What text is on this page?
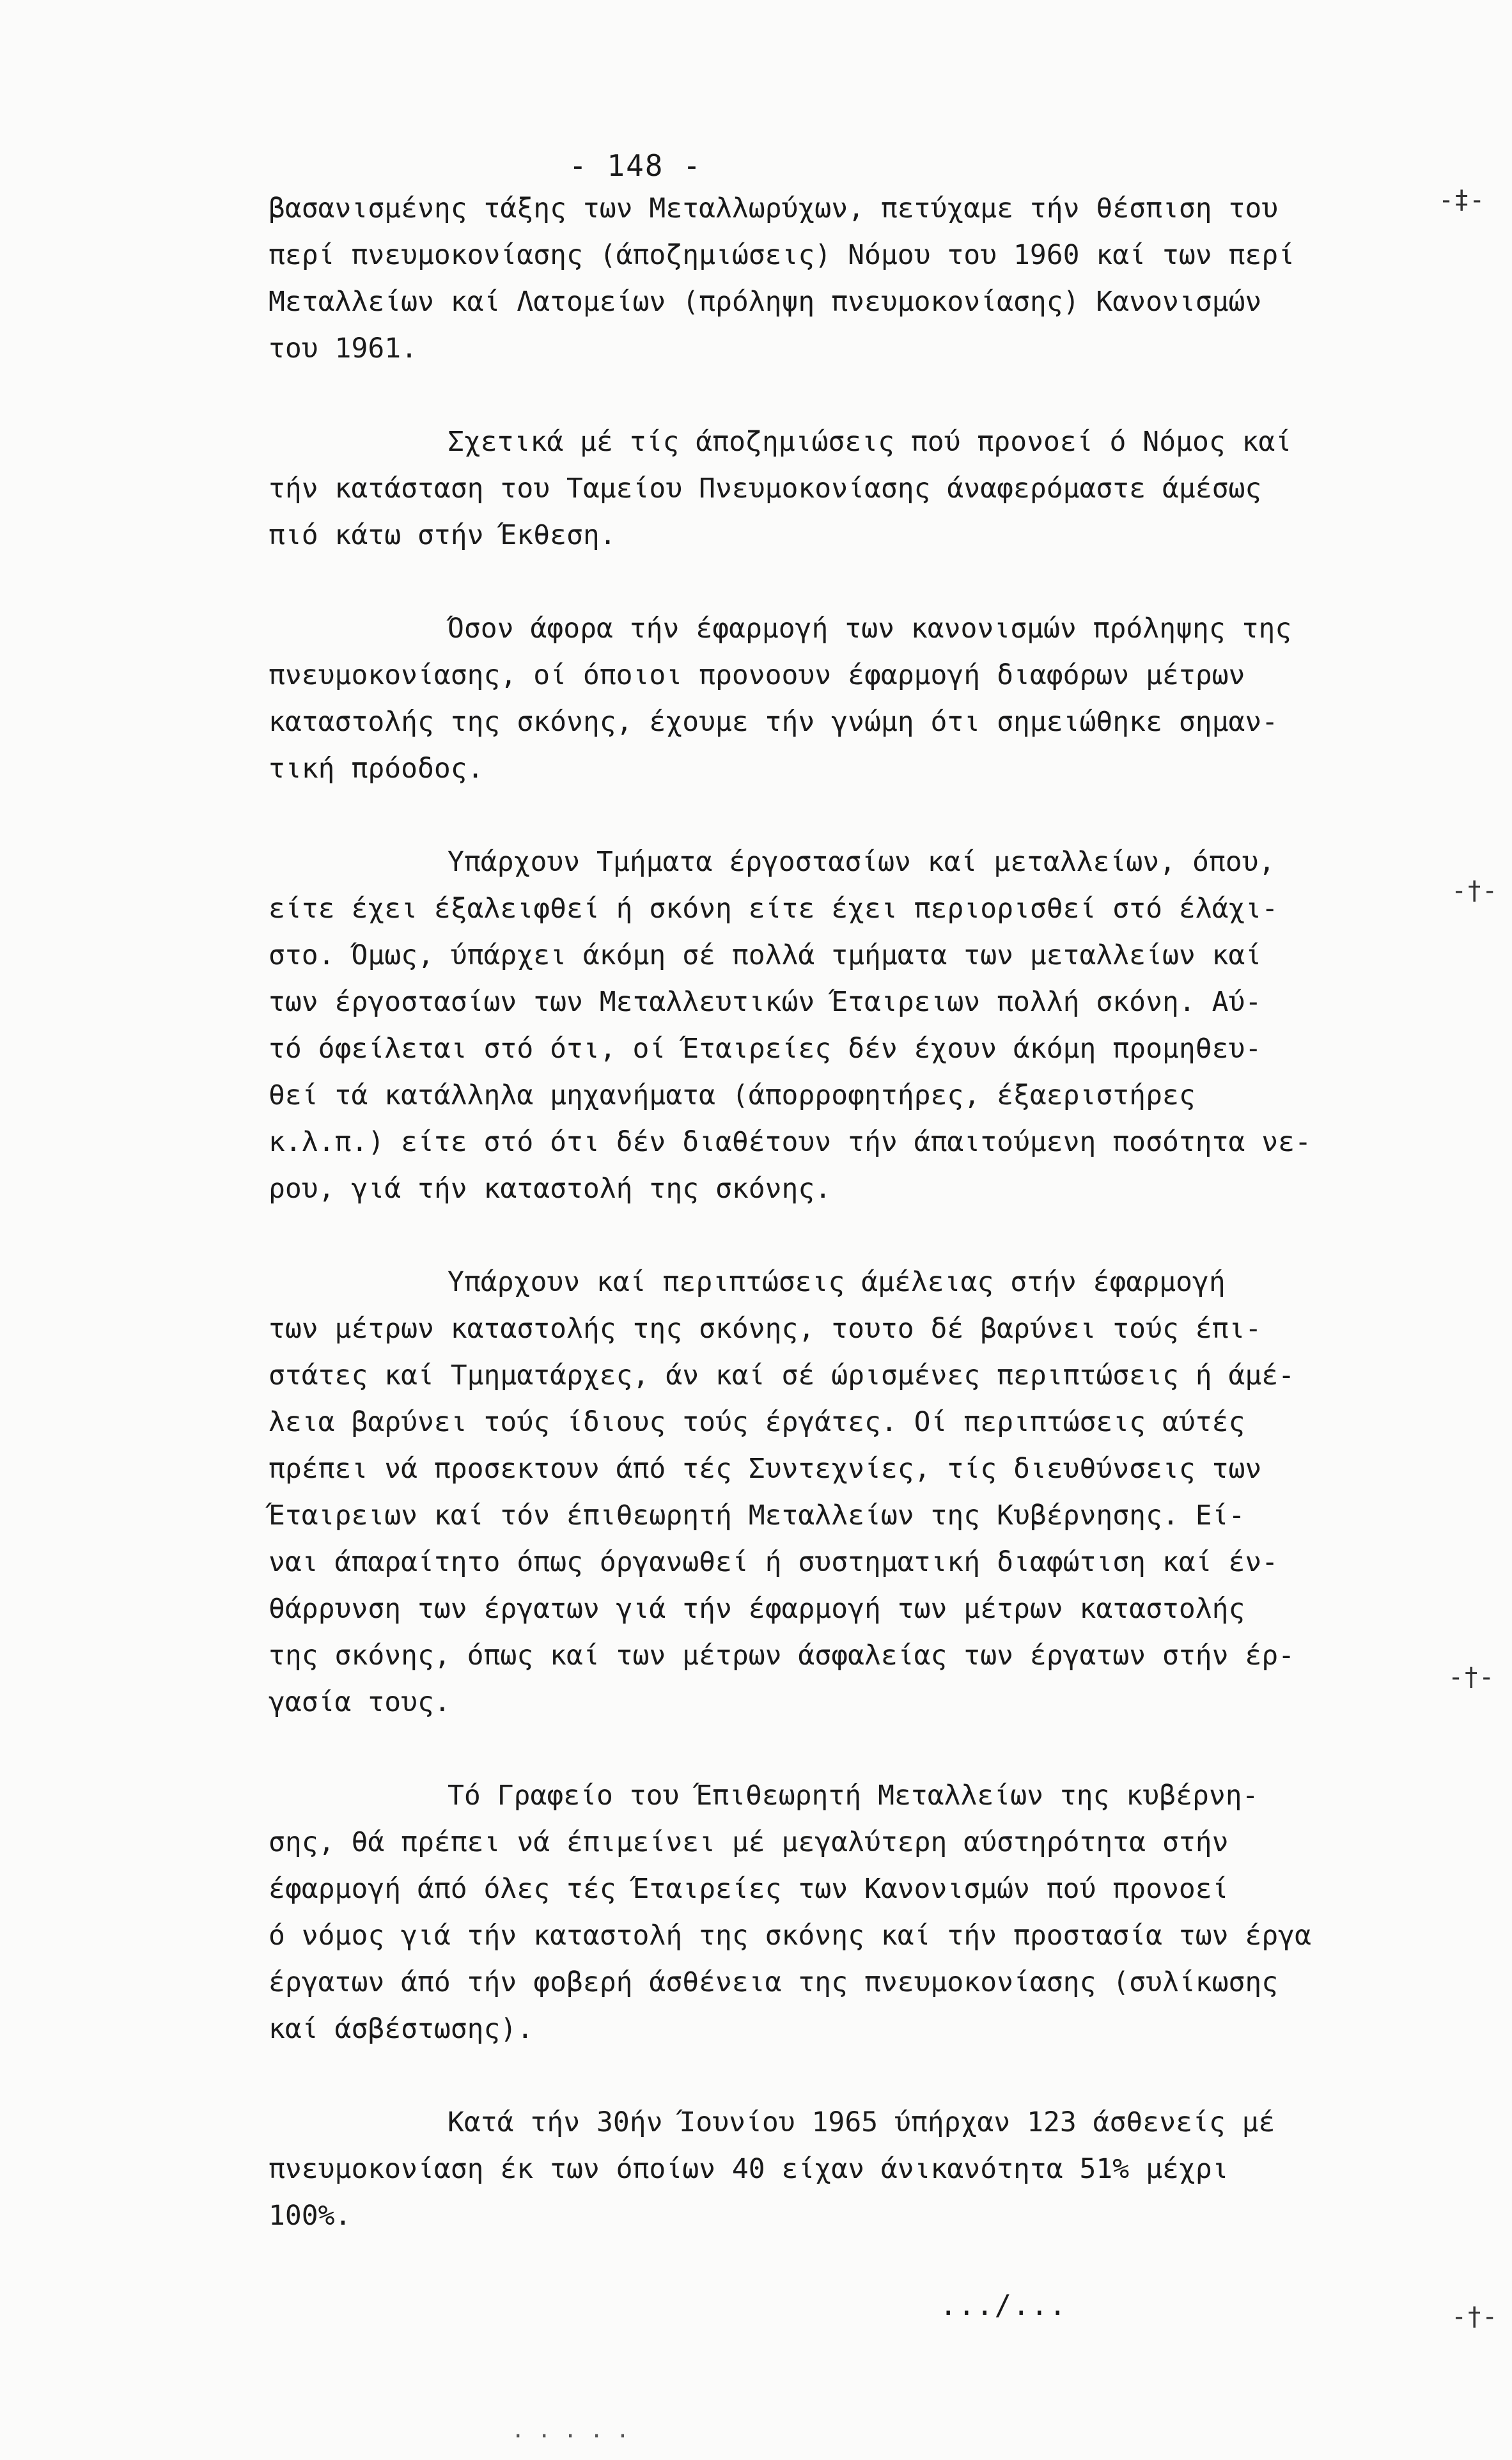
- 148 -

βασανισμένης τάξης των Μεταλλωρύχων, πετύχαμε τήν θέσπιση του
περί πνευμοκονίασης (άποζημιώσεις) Νόμου του 1960 καί των περί
Μεταλλείων καί Λατομείων (πρόληψη πνευμοκονίασης) Κανονισμών
του 1961.

Σχετικά μέ τίς άποζημιώσεις πού προνοεί ό Νόμος καί
τήν κατάσταση του Ταμείου Πνευμοκονίασης άναφερόμαστε άμέσως
πιό κάτω στήν Έκθεση.

Όσον άφορα τήν έφαρμογή των κανονισμών πρόληψης της
πνευμοκονίασης, οί όποιοι προνοουν έφαρμογή διαφόρων μέτρων
καταστολής της σκόνης, έχουμε τήν γνώμη ότι σημειώθηκε σημαν-
τική πρόοδος.

Υπάρχουν Τμήματα έργοστασίων καί μεταλλείων, όπου,
είτε έχει έξαλειφθεί ή σκόνη είτε έχει περιορισθεί στό έλάχι-
στο. Όμως, ύπάρχει άκόμη σέ πολλά τμήματα των μεταλλείων καί
των έργοστασίων των Μεταλλευτικών Έταιρειων πολλή σκόνη. Αύ-
τό όφείλεται στό ότι, οί Έταιρείες δέν έχουν άκόμη προμηθευ-
θεί τά κατάλληλα μηχανήματα (άπορροφητήρες, έξαεριστήρες
κ.λ.π.) είτε στό ότι δέν διαθέτουν τήν άπαιτούμενη ποσότητα νε-
ρου, γιά τήν καταστολή της σκόνης.

Υπάρχουν καί περιπτώσεις άμέλειας στήν έφαρμογή
των μέτρων καταστολής της σκόνης, τουτο δέ βαρύνει τούς έπι-
στάτες καί Τμηματάρχες, άν καί σέ ώρισμένες περιπτώσεις ή άμέ-
λεια βαρύνει τούς ίδιους τούς έργάτες. Οί περιπτώσεις αύτές
πρέπει νά προσεκτουν άπό τές Συντεχνίες, τίς διευθύνσεις των
Έταιρειων καί τόν έπιθεωρητή Μεταλλείων της Κυβέρνησης. Εί-
ναι άπαραίτητο όπως όργανωθεί ή συστηματική διαφώτιση καί έν-
θάρρυνση των έργατων γιά τήν έφαρμογή των μέτρων καταστολής
της σκόνης, όπως καί των μέτρων άσφαλείας των έργατων στήν έρ-
γασία τους.

Τό Γραφείο του Έπιθεωρητή Μεταλλείων της κυβέρνη-
σης, θά πρέπει νά έπιμείνει μέ μεγαλύτερη αύστηρότητα στήν
έφαρμογή άπό όλες τές Έταιρείες των Κανονισμών πού προνοεί
ό νόμος γιά τήν καταστολή της σκόνης καί τήν προστασία των έργα
έργατων άπό τήν φοβερή άσθένεια της πνευμοκονίασης (συλίκωσης
καί άσβέστωσης).

Κατά τήν 30ήν Ίουνίου 1965 ύπήρχαν 123 άσθενείς μέ
πνευμοκονίαση έκ των όποίων 40 είχαν άνικανότητα 51% μέχρι
100%.

.../...
· · · · ·
-‡-
-†-
-†-
-†-
